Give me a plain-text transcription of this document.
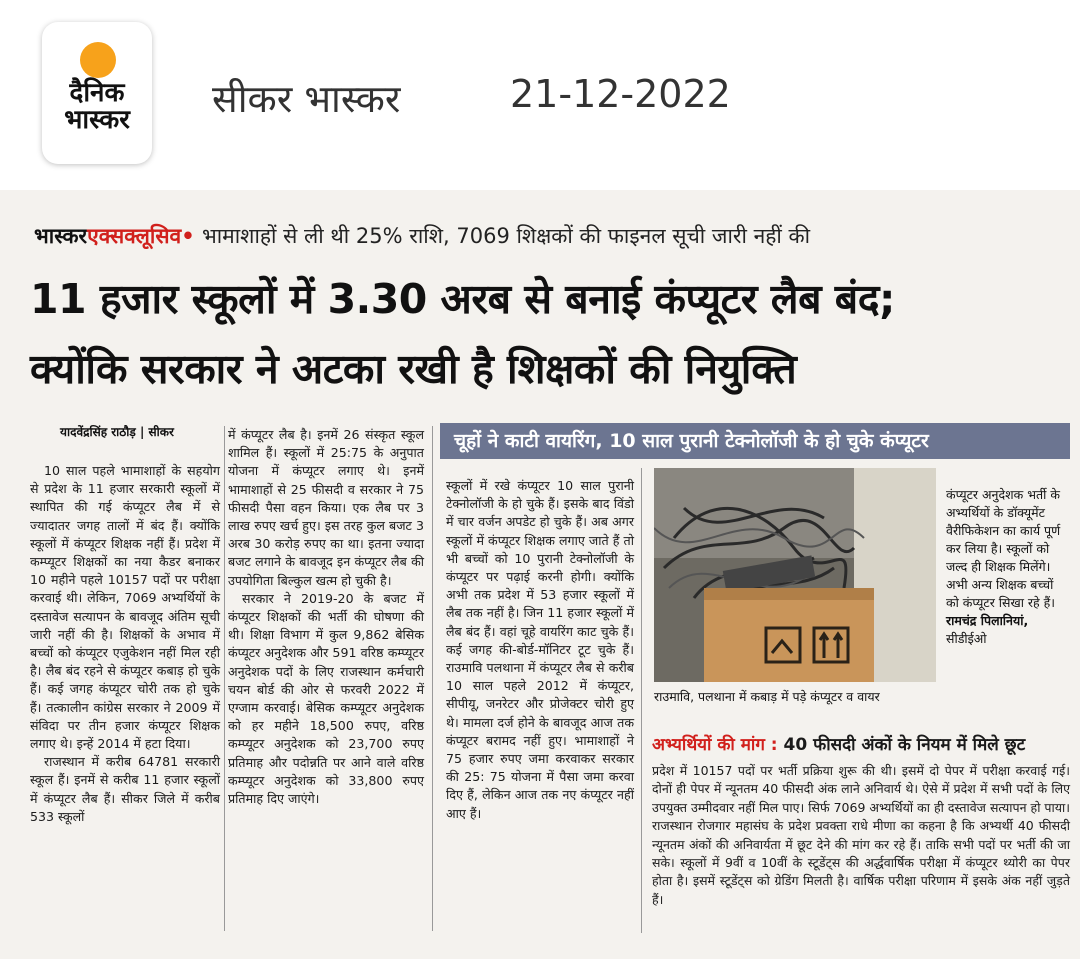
दैनिक
भास्कर	सीकर भास्कर	21-12-2022
भास्करएक्सक्लूसिव• भामाशाहों से ली थी 25% राशि, 7069 शिक्षकों की फाइनल सूची जारी नहीं की
11 हजार स्कूलों में 3.30 अरब से बनाई कंप्यूटर लैब बंद;
क्योंकि सरकार ने अटका रखी है शिक्षकों की नियुक्ति
यादवेंद्रसिंह राठौड़ | सीकर

10 साल पहले भामाशाहों के सहयोग से प्रदेश के 11 हजार सरकारी स्कूलों में स्थापित की गई कंप्यूटर लैब में से ज्यादातर जगह तालों में बंद हैं। क्योंकि स्कूलों में कंप्यूटर शिक्षक नहीं हैं। प्रदेश में कम्प्यूटर शिक्षकों का नया कैडर बनाकर 10 महीने पहले 10157 पदों पर परीक्षा करवाई थी। लेकिन, 7069 अभ्यर्थियों के दस्तावेज सत्यापन के बावजूद अंतिम सूची जारी नहीं की है। शिक्षकों के अभाव में बच्चों को कंप्यूटर एजुकेशन नहीं मिल रही है। लैब बंद रहने से कंप्यूटर कबाड़ हो चुके हैं। कई जगह कंप्यूटर चोरी तक हो चुके हैं। तत्कालीन कांग्रेस सरकार ने 2009 में संविदा पर तीन हजार कंप्यूटर शिक्षक लगाए थे। इन्हें 2014 में हटा दिया।

राजस्थान में करीब 64781 सरकारी स्कूल हैं। इनमें से करीब 11 हजार स्कूलों में कंप्यूटर लैब हैं। सीकर जिले में करीब 533 स्कूलों

में कंप्यूटर लैब है। इनमें 26 संस्कृत स्कूल शामिल हैं। स्कूलों में 25:75 के अनुपात योजना में कंप्यूटर लगाए थे। इनमें भामाशाहों से 25 फीसदी व सरकार ने 75 फीसदी पैसा वहन किया। एक लैब पर 3 लाख रुपए खर्च हुए। इस तरह कुल बजट 3 अरब 30 करोड़ रुपए का था। इतना ज्यादा बजट लगाने के बावजूद इन कंप्यूटर लैब की उपयोगिता बिल्कुल खत्म हो चुकी है।

सरकार ने 2019-20 के बजट में कंप्यूटर शिक्षकों की भर्ती की घोषणा की थी। शिक्षा विभाग में कुल 9,862 बेसिक कंप्यूटर अनुदेशक और 591 वरिष्ठ कम्प्यूटर अनुदेशक पदों के लिए राजस्थान कर्मचारी चयन बोर्ड की ओर से फरवरी 2022 में एग्जाम करवाई। बेसिक कम्प्यूटर अनुदेशक को हर महीने 18,500 रुपए, वरिष्ठ कम्प्यूटर अनुदेशक को 23,700 रुपए प्रतिमाह और पदोन्नति पर आने वाले वरिष्ठ कम्प्यूटर अनुदेशक को 33,800 रुपए प्रतिमाह दिए जाएंगे।

चूहों ने काटी वायरिंग, 10 साल पुरानी टेक्नोलॉजी के हो चुके कंप्यूटर
स्कूलों में रखे कंप्यूटर 10 साल पुरानी टेक्नोलॉजी के हो चुके हैं। इसके बाद विंडो में चार वर्जन अपडेट हो चुके हैं। अब अगर स्कूलों में कंप्यूटर शिक्षक लगाए जाते हैं तो भी बच्चों को 10 पुरानी टेक्नोलॉजी के कंप्यूटर पर पढ़ाई करनी होगी। क्योंकि अभी तक प्रदेश में 53 हजार स्कूलों में लैब तक नहीं है। जिन 11 हजार स्कूलों में लैब बंद हैं। वहां चूहे वायरिंग काट चुके हैं। कई जगह की-बोर्ड-मॉनिटर टूट चुके हैं। राउमावि पलथाना में कंप्यूटर लैब से करीब 10 साल पहले 2012 में कंप्यूटर, सीपीयू, जनरेटर और प्रोजेक्टर चोरी हुए थे। मामला दर्ज होने के बावजूद आज तक कंप्यूटर बरामद नहीं हुए। भामाशाहों ने 75 हजार रुपए जमा करवाकर सरकार की 25: 75 योजना में पैसा जमा करवा दिए हैं, लेकिन आज तक नए कंप्यूटर नहीं आए हैं।
राउमावि, पलथाना में कबाड़ में पड़े कंप्यूटर व वायर
कंप्यूटर अनुदेशक भर्ती के अभ्यर्थियों के डॉक्यूमेंट वैरीफिकेशन का कार्य पूर्ण कर लिया है। स्कूलों को जल्द ही शिक्षक मिलेंगे। अभी अन्य शिक्षक बच्चों को कंप्यूटर सिखा रहे हैं।
रामचंद्र पिलानियां,
सीडीईओ
अभ्यर्थियों की मांग : 40 फीसदी अंकों के नियम में मिले छूट

प्रदेश में 10157 पदों पर भर्ती प्रक्रिया शुरू की थी। इसमें दो पेपर में परीक्षा करवाई गई। दोनों ही पेपर में न्यूनतम 40 फीसदी अंक लाने अनिवार्य थे। ऐसे में प्रदेश में सभी पदों के लिए उपयुक्त उम्मीदवार नहीं मिल पाए। सिर्फ 7069 अभ्यर्थियों का ही दस्तावेज सत्यापन हो पाया। राजस्थान रोजगार महासंघ के प्रदेश प्रवक्ता राधे मीणा का कहना है कि अभ्यर्थी 40 फीसदी न्यूनतम अंकों की अनिवार्यता में छूट देने की मांग कर रहे हैं। ताकि सभी पदों पर भर्ती की जा सके। स्कूलों में 9वीं व 10वीं के स्टूडेंट्स की अर्द्धवार्षिक परीक्षा में कंप्यूटर थ्योरी का पेपर होता है। इसमें स्टूडेंट्स को ग्रेडिंग मिलती है। वार्षिक परीक्षा परिणाम में इसके अंक नहीं जुड़ते हैं।
